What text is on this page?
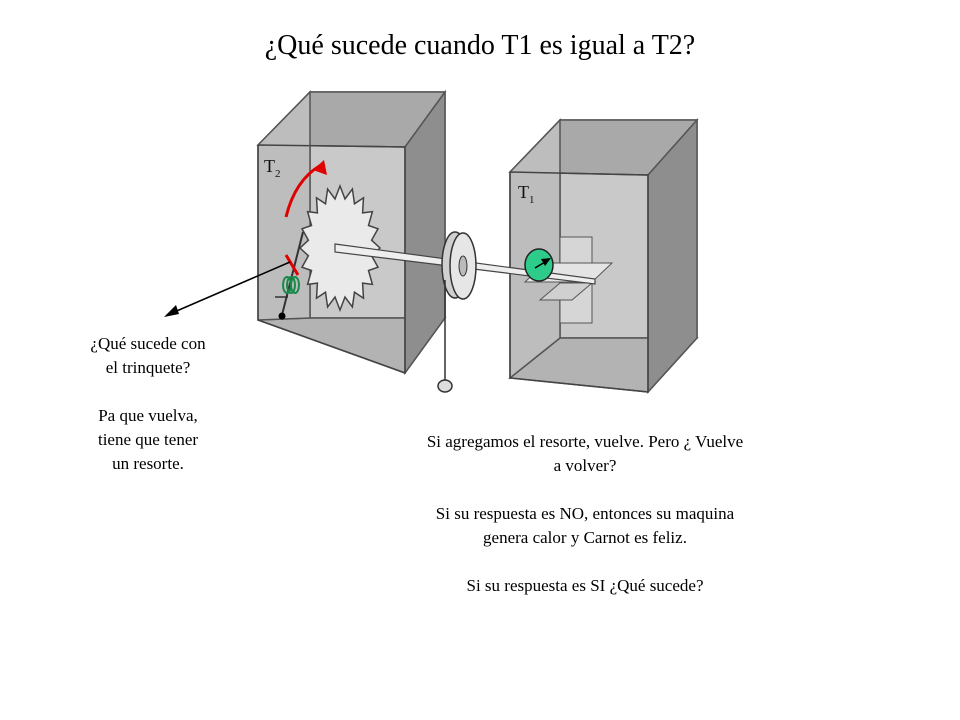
¿Qué sucede cuando T1 es igual a T2?
$T_2$
$T_1$

¿Qué sucede con

el trinquete?

Pa que vuelva,

tiene que tener

un resorte.

Si agregamos el resorte, vuelve. Pero ¿ Vuelve

a volver?

Si su respuesta es NO, entonces su maquina

genera calor y Carnot es feliz.

Si su respuesta es SI ¿Qué sucede?
